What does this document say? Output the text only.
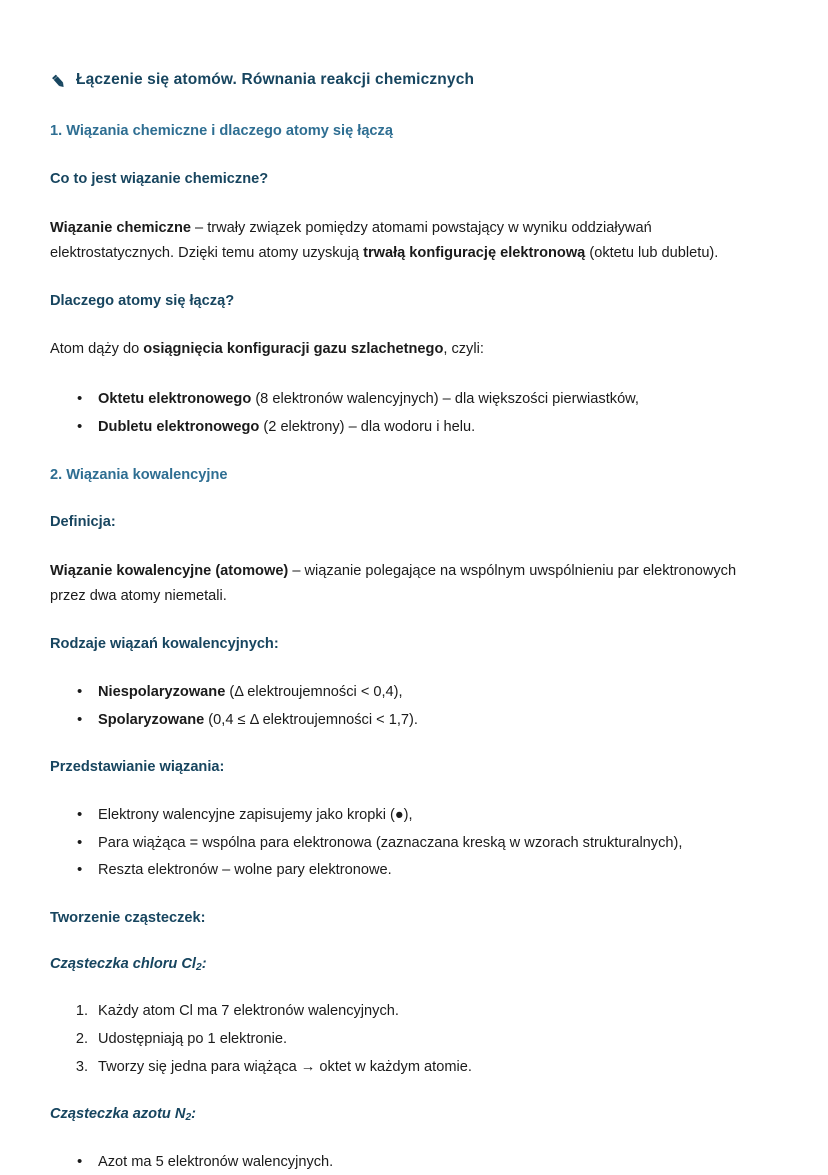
Łączenie się atomów. Równania reakcji chemicznych
1. Wiązania chemiczne i dlaczego atomy się łączą
Co to jest wiązanie chemiczne?

Wiązanie chemiczne – trwały związek pomiędzy atomami powstający w wyniku oddziaływań elektrostatycznych. Dzięki temu atomy uzyskują trwałą konfigurację elektronową (oktetu lub dubletu).

Dlaczego atomy się łączą?

Atom dąży do osiągnięcia konfiguracji gazu szlachetnego, czyli:

• Oktetu elektronowego (8 elektronów walencyjnych) – dla większości pierwiastków,
• Dubletu elektronowego (2 elektrony) – dla wodoru i helu.
2. Wiązania kowalencyjne
Definicja:

Wiązanie kowalencyjne (atomowe) – wiązanie polegające na wspólnym uwspólnieniu par elektronowych przez dwa atomy niemetali.

Rodzaje wiązań kowalencyjnych:
• Niespolaryzowane (Δ elektroujemności < 0,4),
• Spolaryzowane (0,4 ≤ Δ elektroujemności < 1,7).
Przedstawianie wiązania:
• Elektrony walencyjne zapisujemy jako kropki (●),
• Para wiążąca = wspólna para elektronowa (zaznaczana kreską w wzorach strukturalnych),
• Reszta elektronów – wolne pary elektronowe.
Tworzenie cząsteczek:
Cząsteczka chloru $Cl_2$:
Każdy atom Cl ma 7 elektronów walencyjnych.
Udostępniają po 1 elektronie.
Tworzy się jedna para wiążąca → oktet w każdym atomie.
Cząsteczka azotu $N_2$:
• Azot ma 5 elektronów walencyjnych.
